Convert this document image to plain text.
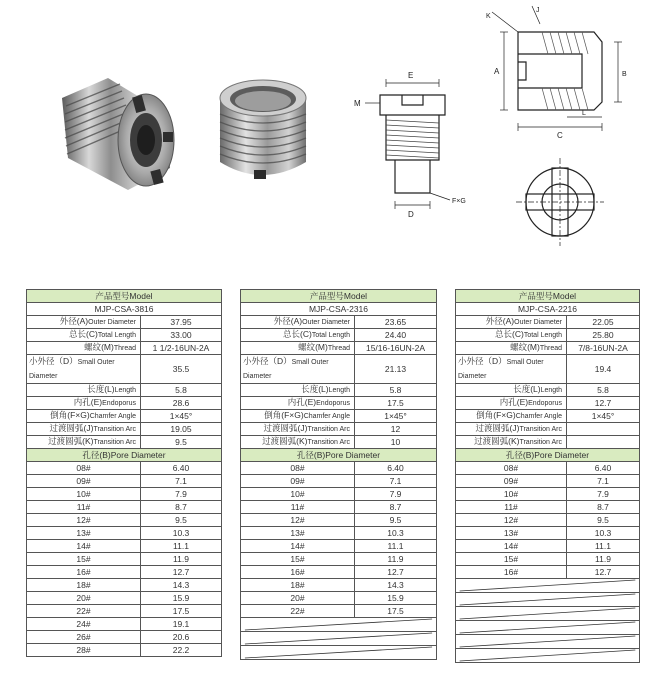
E
D
M
F×G
A
C
L
K
J
B
产品型号Model	
MJP-CSA-3816	
外径(A)Outer Diameter	37.95
总长(C)Total Length	33.00
螺纹(M)Thread	1 1/2-16UN-2A
小外径（D）Small Outer Diameter	35.5
长度(L)Length	5.8
内孔(E)Endoporus	28.6
倒角(F×G)Chamfer Angle	1×45°
过渡圆弧(J)Transition Arc	19.05
过渡圆弧(K)Transition Arc	9.5
孔径(B)Pore Diameter	
08#	6.40
09#	7.1
10#	7.9
11#	8.7
12#	9.5
13#	10.3
14#	11.1
15#	11.9
16#	12.7
18#	14.3
20#	15.9
22#	17.5
24#	19.1
26#	20.6
28#	22.2
产品型号Model	
MJP-CSA-2316	
外径(A)Outer Diameter	23.65
总长(C)Total Length	24.40
螺纹(M)Thread	15/16-16UN-2A
小外径（D）Small Outer Diameter	21.13
长度(L)Length	5.8
内孔(E)Endoporus	17.5
倒角(F×G)Chamfer Angle	1×45°
过渡圆弧(J)Transition Arc	12
过渡圆弧(K)Transition Arc	10
孔径(B)Pore Diameter	
08#	6.40
09#	7.1
10#	7.9
11#	8.7
12#	9.5
13#	10.3
14#	11.1
15#	11.9
16#	12.7
18#	14.3
20#	15.9
22#	17.5

产品型号Model	
MJP-CSA-2216	
外径(A)Outer Diameter	22.05
总长(C)Total Length	25.80
螺纹(M)Thread	7/8-16UN-2A
小外径（D）Small Outer Diameter	19.4
长度(L)Length	5.8
内孔(E)Endoporus	12.7
倒角(F×G)Chamfer Angle	1×45°
过渡圆弧(J)Transition Arc	
过渡圆弧(K)Transition Arc	
孔径(B)Pore Diameter	
08#	6.40
09#	7.1
10#	7.9
11#	8.7
12#	9.5
13#	10.3
14#	11.1
15#	11.9
16#	12.7
